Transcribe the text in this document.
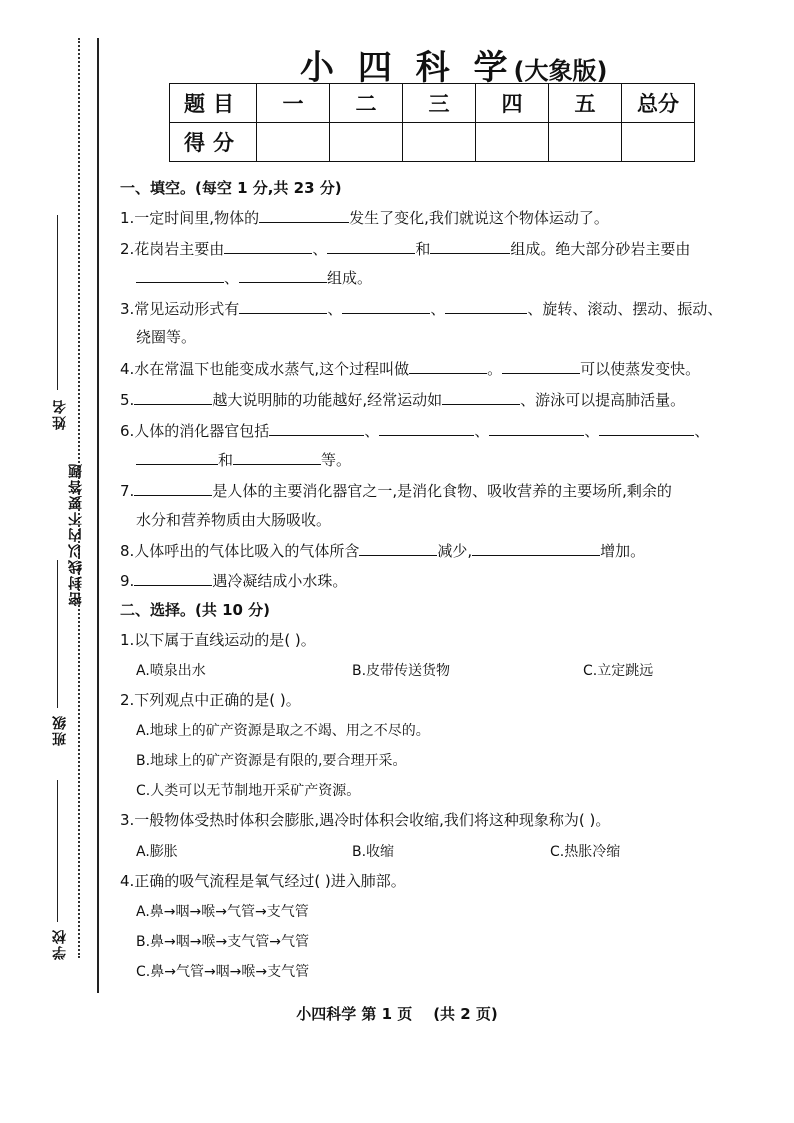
姓名
密封线以内不要答题
班级
学校
小 四 科 学(大象版)
题目	一	二	三	四	五	总分
得分						
一、填空。(每空 1 分,共 23 分)
1.一定时间里,物体的	发生了变化,我们就说这个物体运动了。
2.花岗岩主要由	、	和	组成。绝大部分砂岩主要由
、	组成。
3.常见运动形式有	、	、	、旋转、滚动、摆动、振动、
绕圈等。
4.水在常温下也能变成水蒸气,这个过程叫做	。	可以使蒸发变快。
5.	越大说明肺的功能越好,经常运动如	、游泳可以提高肺活量。
6.人体的消化器官包括	、	、	、	、
和	等。
7.	是人体的主要消化器官之一,是消化食物、吸收营养的主要场所,剩余的
水分和营养物质由大肠吸收。
8.人体呼出的气体比吸入的气体所含	减少,	增加。
9.	遇冷凝结成小水珠。
二、选择。(共 10 分)
1.以下属于直线运动的是( )。
A.喷泉出水	B.皮带传送货物	C.立定跳远
2.下列观点中正确的是( )。
A.地球上的矿产资源是取之不竭、用之不尽的。
B.地球上的矿产资源是有限的,要合理开采。
C.人类可以无节制地开采矿产资源。
3.一般物体受热时体积会膨胀,遇冷时体积会收缩,我们将这种现象称为( )。
A.膨胀	B.收缩	C.热胀冷缩
4.正确的吸气流程是氧气经过( )进入肺部。
A.鼻→咽→喉→气管→支气管
B.鼻→咽→喉→支气管→气管
C.鼻→气管→咽→喉→支气管
小四科学 第 1 页    (共 2 页)
